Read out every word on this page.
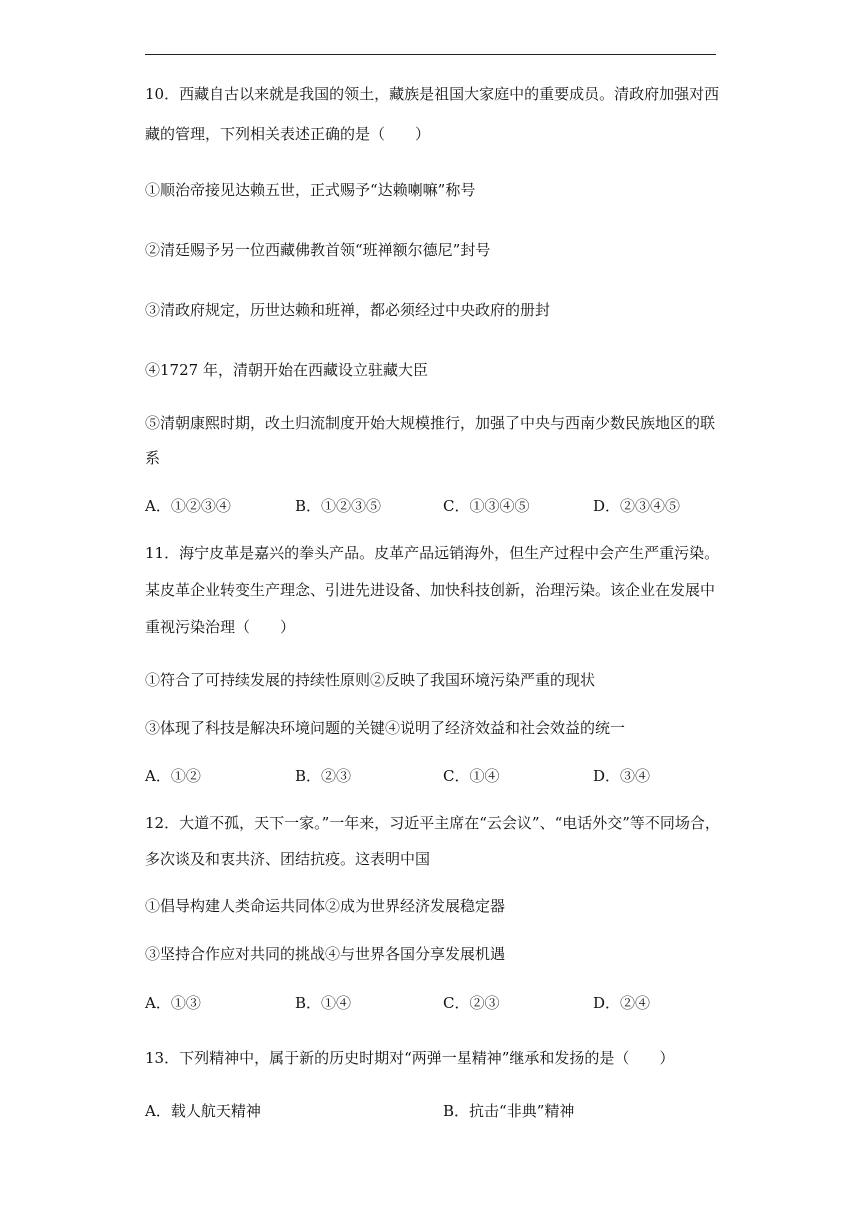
10．西藏自古以来就是我国的领土，藏族是祖国大家庭中的重要成员。清政府加强对西
藏的管理，下列相关表述正确的是（　　）
①顺治帝接见达赖五世，正式赐予“达赖喇嘛”称号
②清廷赐予另一位西藏佛教首领“班禅额尔德尼”封号
③清政府规定，历世达赖和班禅，都必须经过中央政府的册封
④1727 年，清朝开始在西藏设立驻藏大臣
⑤清朝康熙时期，改土归流制度开始大规模推行，加强了中央与西南少数民族地区的联
系
A．①②③④	B．①②③⑤	C．①③④⑤	D．②③④⑤
11．海宁皮革是嘉兴的拳头产品。皮革产品远销海外，但生产过程中会产生严重污染。
某皮革企业转变生产理念、引进先进设备、加快科技创新，治理污染。该企业在发展中
重视污染治理（　　）
①符合了可持续发展的持续性原则②反映了我国环境污染严重的现状
③体现了科技是解决环境问题的关键④说明了经济效益和社会效益的统一
A．①②	B．②③	C．①④	D．③④
12．大道不孤，天下一家。”一年来，习近平主席在“云会议”、“电话外交”等不同场合，
多次谈及和衷共济、团结抗疫。这表明中国
①倡导构建人类命运共同体②成为世界经济发展稳定器
③坚持合作应对共同的挑战④与世界各国分享发展机遇
A．①③	B．①④	C．②③	D．②④
13．下列精神中，属于新的历史时期对“两弹一星精神”继承和发扬的是（　　）
A．载人航天精神	B．抗击“非典”精神
